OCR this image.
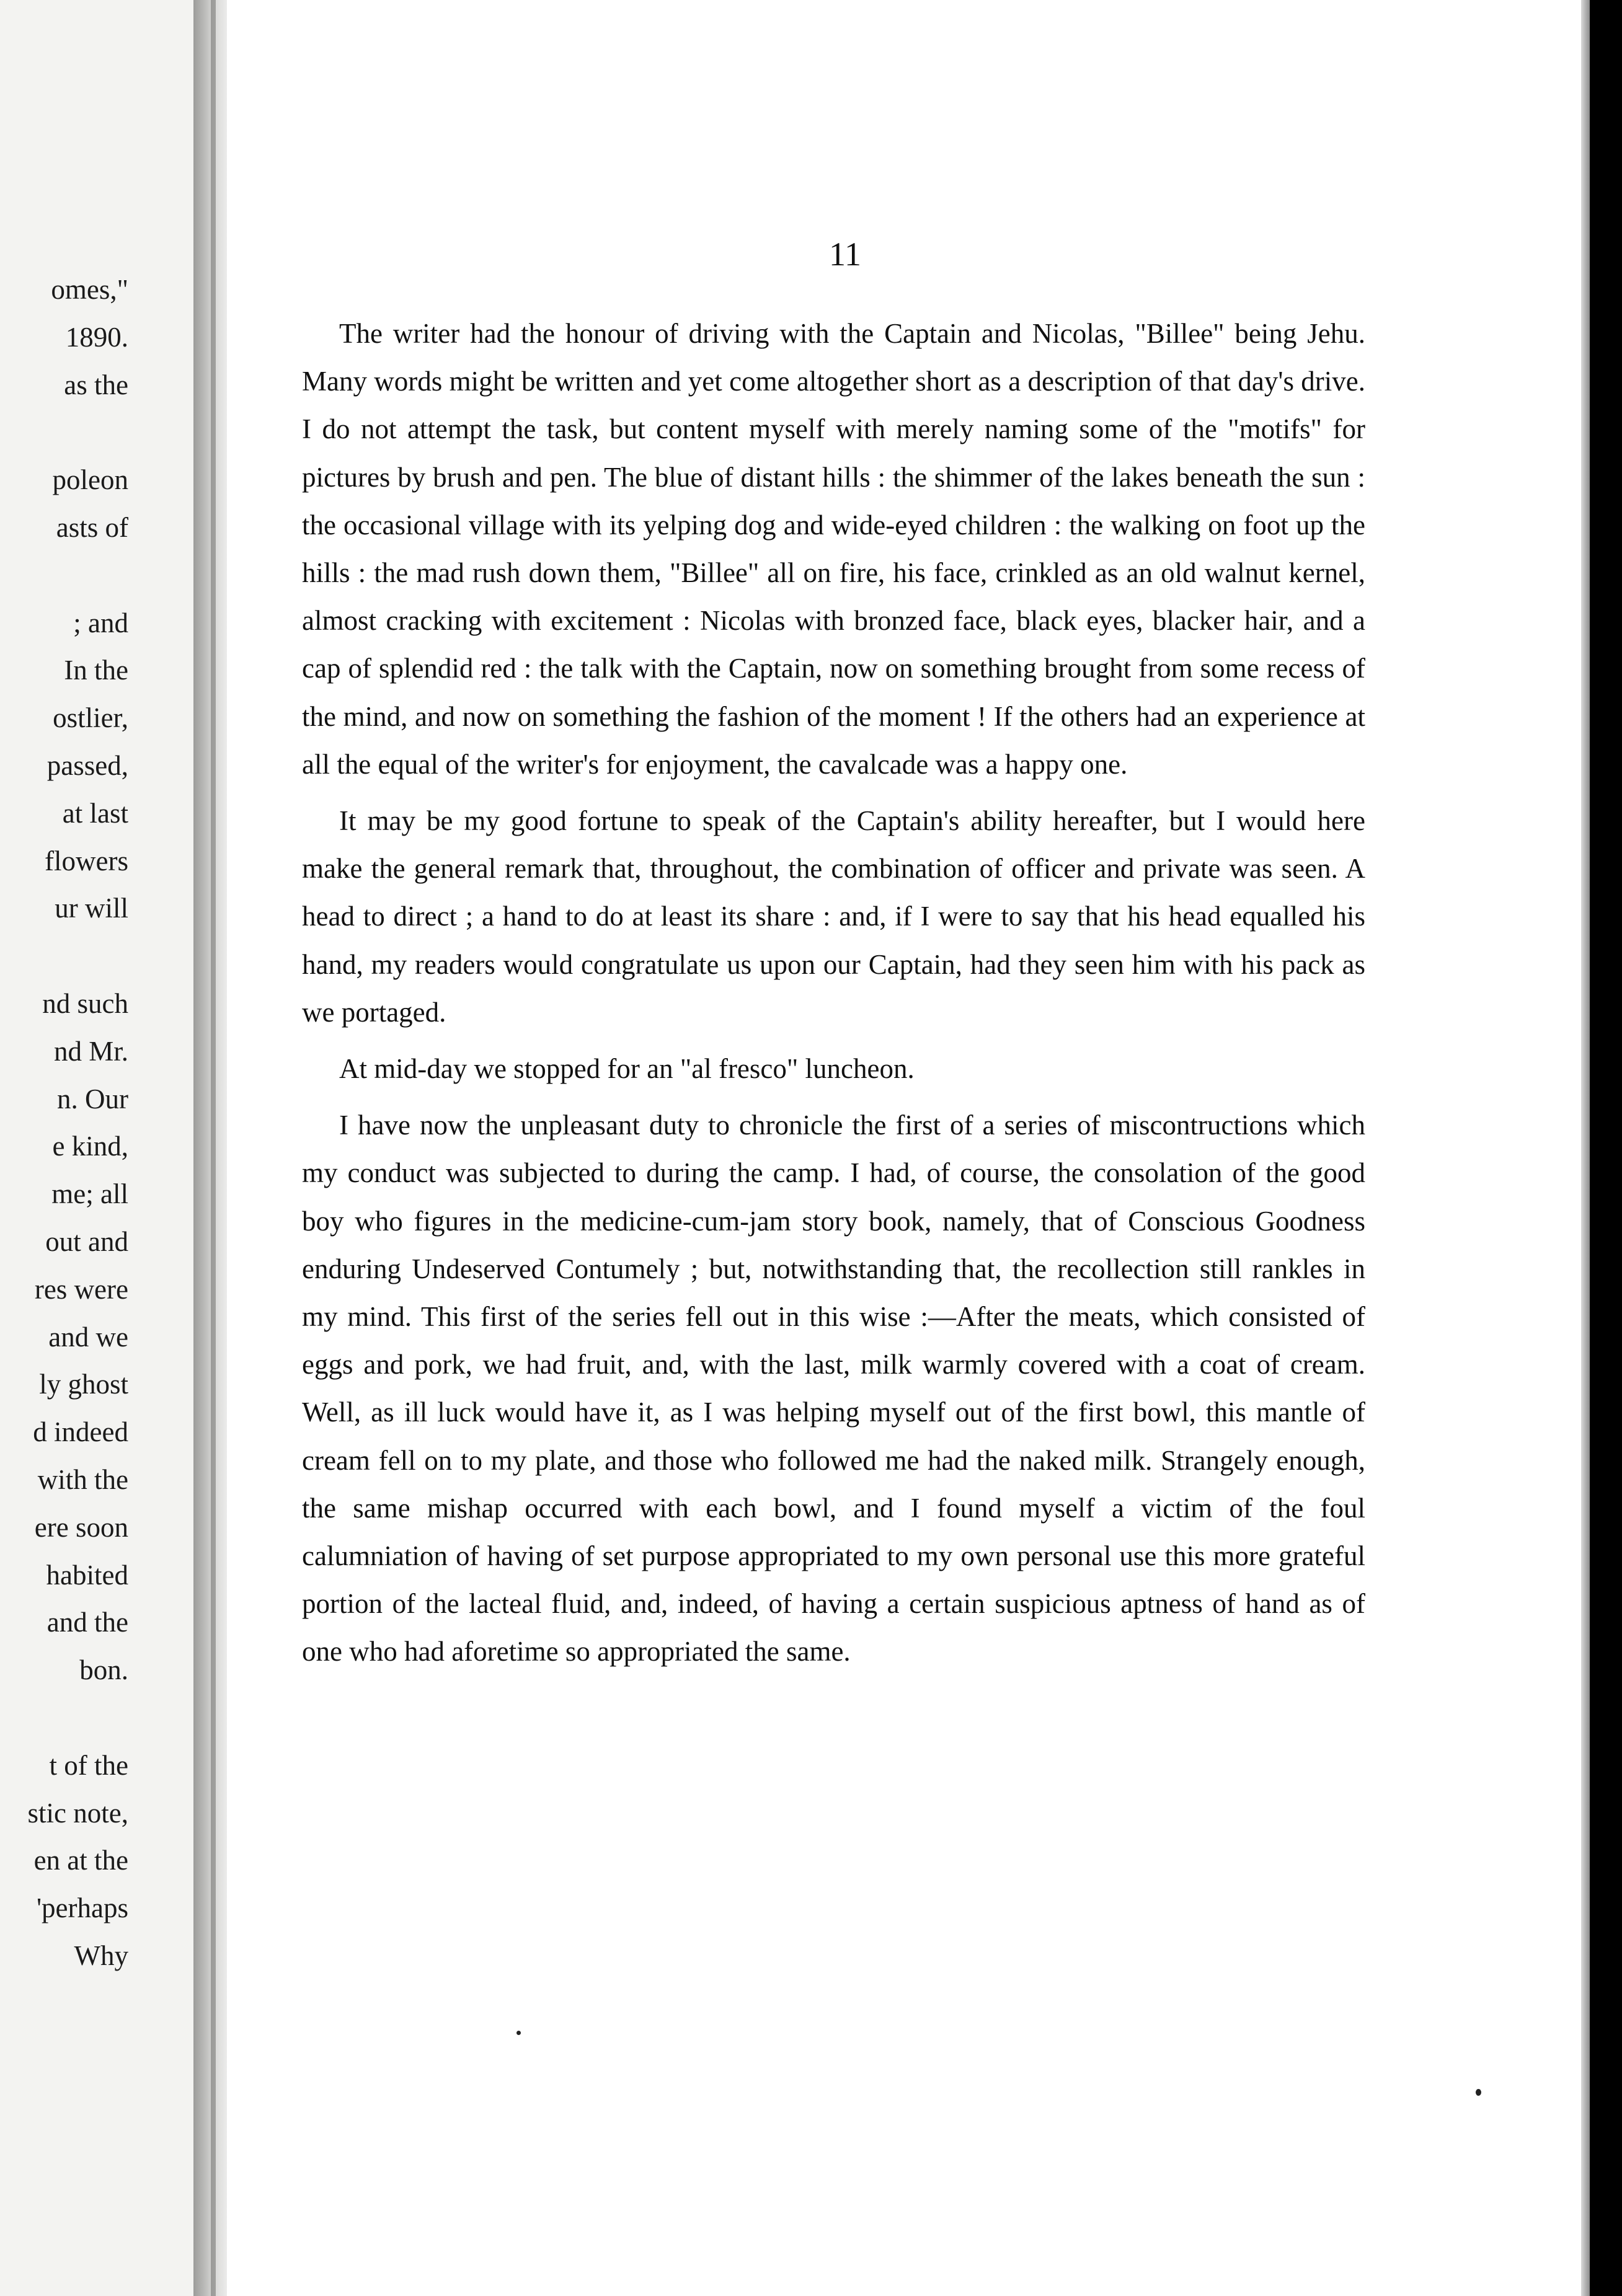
omes,"
1890.
as the
poleon
asts of
; and
In the
ostlier,
passed,
at last
flowers
ur will
nd such
nd Mr.
n. Our
e kind,
me; all
out and
res were
and we
ly ghost
d indeed
with the
ere soon
habited
and the
bon.
t of the
stic note,
en at the
'perhaps
Why
11

The writer had the honour of driving with the Captain and Nicolas, "Billee" being Jehu. Many words might be written and yet come altogether short as a description of that day's drive. I do not attempt the task, but content myself with merely naming some of the "motifs" for pictures by brush and pen. The blue of distant hills : the shimmer of the lakes beneath the sun : the occasional village with its yelping dog and wide-eyed children : the walking on foot up the hills : the mad rush down them, "Billee" all on fire, his face, crinkled as an old walnut kernel, almost cracking with excitement : Nicolas with bronzed face, black eyes, blacker hair, and a cap of splendid red : the talk with the Captain, now on something brought from some recess of the mind, and now on something the fashion of the moment ! If the others had an experience at all the equal of the writer's for enjoyment, the cavalcade was a happy one.

It may be my good fortune to speak of the Captain's ability hereafter, but I would here make the general remark that, throughout, the combination of officer and private was seen. A head to direct ; a hand to do at least its share : and, if I were to say that his head equalled his hand, my readers would congratulate us upon our Captain, had they seen him with his pack as we portaged.

At mid-day we stopped for an "al fresco" luncheon.

I have now the unpleasant duty to chronicle the first of a series of miscontructions which my conduct was subjected to during the camp. I had, of course, the consolation of the good boy who figures in the medicine-cum-jam story book, namely, that of Conscious Goodness enduring Undeserved Contumely ; but, notwithstanding that, the recollection still rankles in my mind. This first of the series fell out in this wise :—After the meats, which consisted of eggs and pork, we had fruit, and, with the last, milk warmly covered with a coat of cream. Well, as ill luck would have it, as I was helping myself out of the first bowl, this mantle of cream fell on to my plate, and those who followed me had the naked milk. Strangely enough, the same mishap occurred with each bowl, and I found myself a victim of the foul calumniation of having of set purpose appropriated to my own personal use this more grateful portion of the lacteal fluid, and, indeed, of having a certain suspicious aptness of hand as of one who had aforetime so appropriated the same.
